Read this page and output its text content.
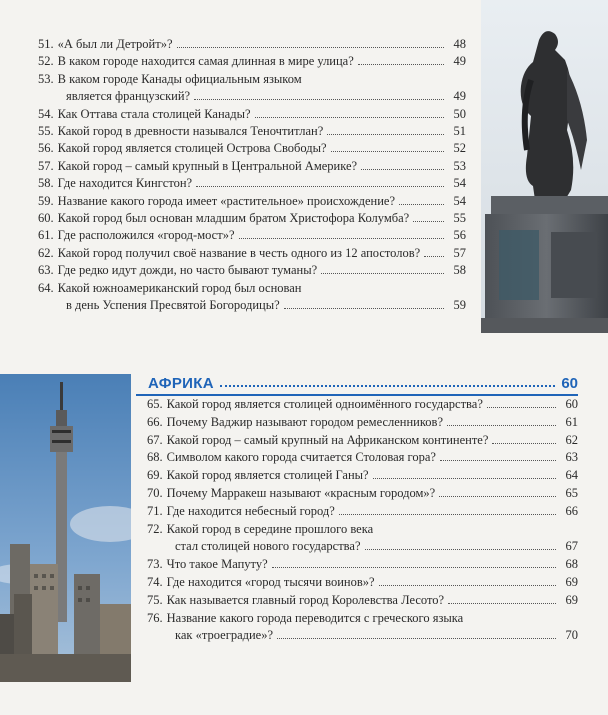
51. «А был ли Детройт»?	48
52. В каком городе находится самая длинная в мире улица?	49
53. В каком городе Канады официальным языком
является французский?	49
54. Как Оттава стала столицей Канады?	50
55. Какой город в древности назывался Теночтитлан?	51
56. Какой город является столицей Острова Свободы?	52
57. Какой город – самый крупный в Центральной Америке?	53
58. Где находится Кингстон?	54
59. Название какого города имеет «растительное» происхождение?	54
60. Какой город был основан младшим братом Христофора Колумба?	55
61. Где расположился «город-мост»?	56
62. Какой город получил своё название в честь одного из 12 апостолов?	57
63. Где редко идут дожди, но часто бывают туманы?	58
64. Какой южноамериканский город был основан
в день Успения Пресвятой Богородицы?	59
АФРИКА	60
65. Какой город является столицей одноимённого государства?	60
66. Почему Ваджир называют городом ремесленников?	61
67. Какой город – самый крупный на Африканском континенте?	62
68. Символом какого города считается Столовая гора?	63
69. Какой город является столицей Ганы?	64
70. Почему Марракеш называют «красным городом»?	65
71. Где находится небесный город?	66
72. Какой город в середине прошлого века
стал столицей нового государства?	67
73. Что такое Мапуту?	68
74. Где находится «город тысячи воинов»?	69
75. Как называется главный город Королевства Лесото?	69
76. Название какого города переводится с греческого языка
как «троеградие»?	70
